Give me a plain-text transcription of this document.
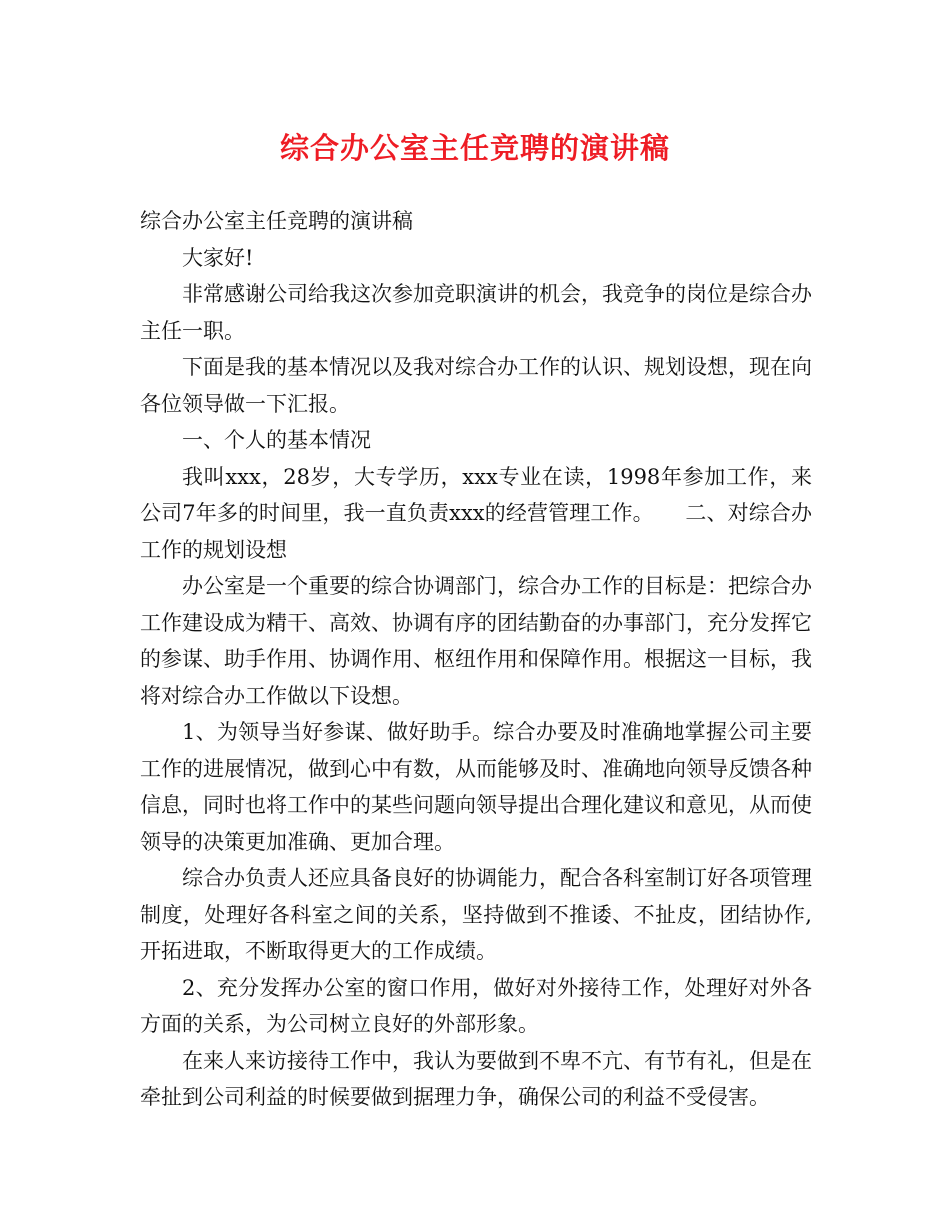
综合办公室主任竞聘的演讲稿

综合办公室主任竞聘的演讲稿

大家好!

非常感谢公司给我这次参加竞职演讲的机会，我竞争的岗位是综合办主任一职。

下面是我的基本情况以及我对综合办工作的认识、规划设想，现在向各位领导做一下汇报。

一、个人的基本情况

我叫xxx，28岁，大专学历，xxx专业在读，1998年参加工作，来公司7年多的时间里，我一直负责xxx的经营管理工作。　　二、对综合办工作的规划设想

办公室是一个重要的综合协调部门，综合办工作的目标是：把综合办工作建设成为精干、高效、协调有序的团结勤奋的办事部门，充分发挥它的参谋、助手作用、协调作用、枢纽作用和保障作用。根据这一目标，我将对综合办工作做以下设想。

1、为领导当好参谋、做好助手。综合办要及时准确地掌握公司主要工作的进展情况，做到心中有数，从而能够及时、准确地向领导反馈各种信息，同时也将工作中的某些问题向领导提出合理化建议和意见，从而使领导的决策更加准确、更加合理。

综合办负责人还应具备良好的协调能力，配合各科室制订好各项管理制度，处理好各科室之间的关系，坚持做到不推诿、不扯皮，团结协作,开拓进取，不断取得更大的工作成绩。

2、充分发挥办公室的窗口作用，做好对外接待工作，处理好对外各方面的关系，为公司树立良好的外部形象。

在来人来访接待工作中，我认为要做到不卑不亢、有节有礼，但是在牵扯到公司利益的时候要做到据理力争，确保公司的利益不受侵害。
